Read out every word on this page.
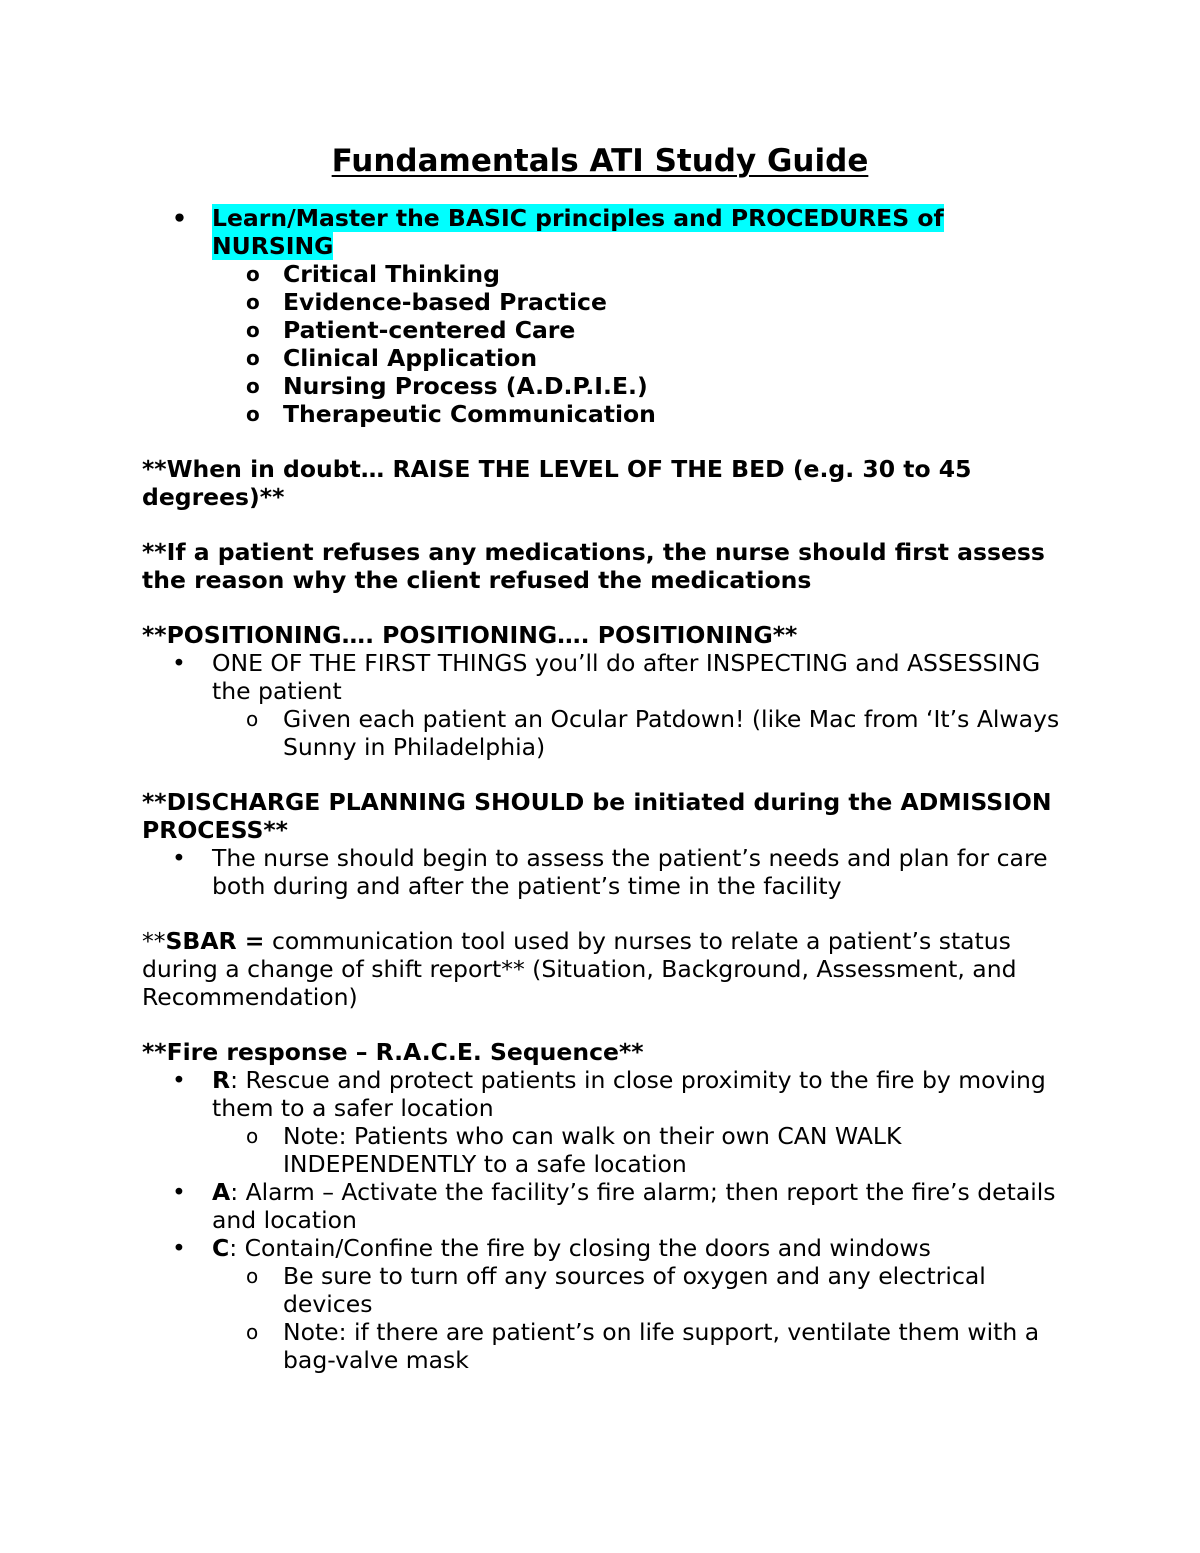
Fundamentals ATI Study Guide
• Learn/Master the BASIC principles and PROCEDURES of NURSING
o Critical Thinking
o Evidence-based Practice
o Patient-centered Care
o Clinical Application
o Nursing Process (A.D.P.I.E.)
o Therapeutic Communication
**When in doubt… RAISE THE LEVEL OF THE BED (e.g. 30 to 45 degrees)**
**If a patient refuses any medications, the nurse should first assess the reason why the client refused the medications
**POSITIONING…. POSITIONING…. POSITIONING**
• ONE OF THE FIRST THINGS you’ll do after INSPECTING and ASSESSING the patient
o Given each patient an Ocular Patdown! (like Mac from ‘It’s Always Sunny in Philadelphia)
**DISCHARGE PLANNING SHOULD be initiated during the ADMISSION PROCESS**
• The nurse should begin to assess the patient’s needs and plan for care both during and after the patient’s time in the facility
**SBAR = communication tool used by nurses to relate a patient’s status during a change of shift report** (Situation, Background, Assessment, and Recommendation)
**Fire response – R.A.C.E. Sequence**
• R: Rescue and protect patients in close proximity to the fire by moving them to a safer location
o Note: Patients who can walk on their own CAN WALK INDEPENDENTLY to a safe location
• A: Alarm – Activate the facility’s fire alarm; then report the fire’s details and location
• C: Contain/Confine the fire by closing the doors and windows
o Be sure to turn off any sources of oxygen and any electrical devices
o Note: if there are patient’s on life support, ventilate them with a bag-valve mask
